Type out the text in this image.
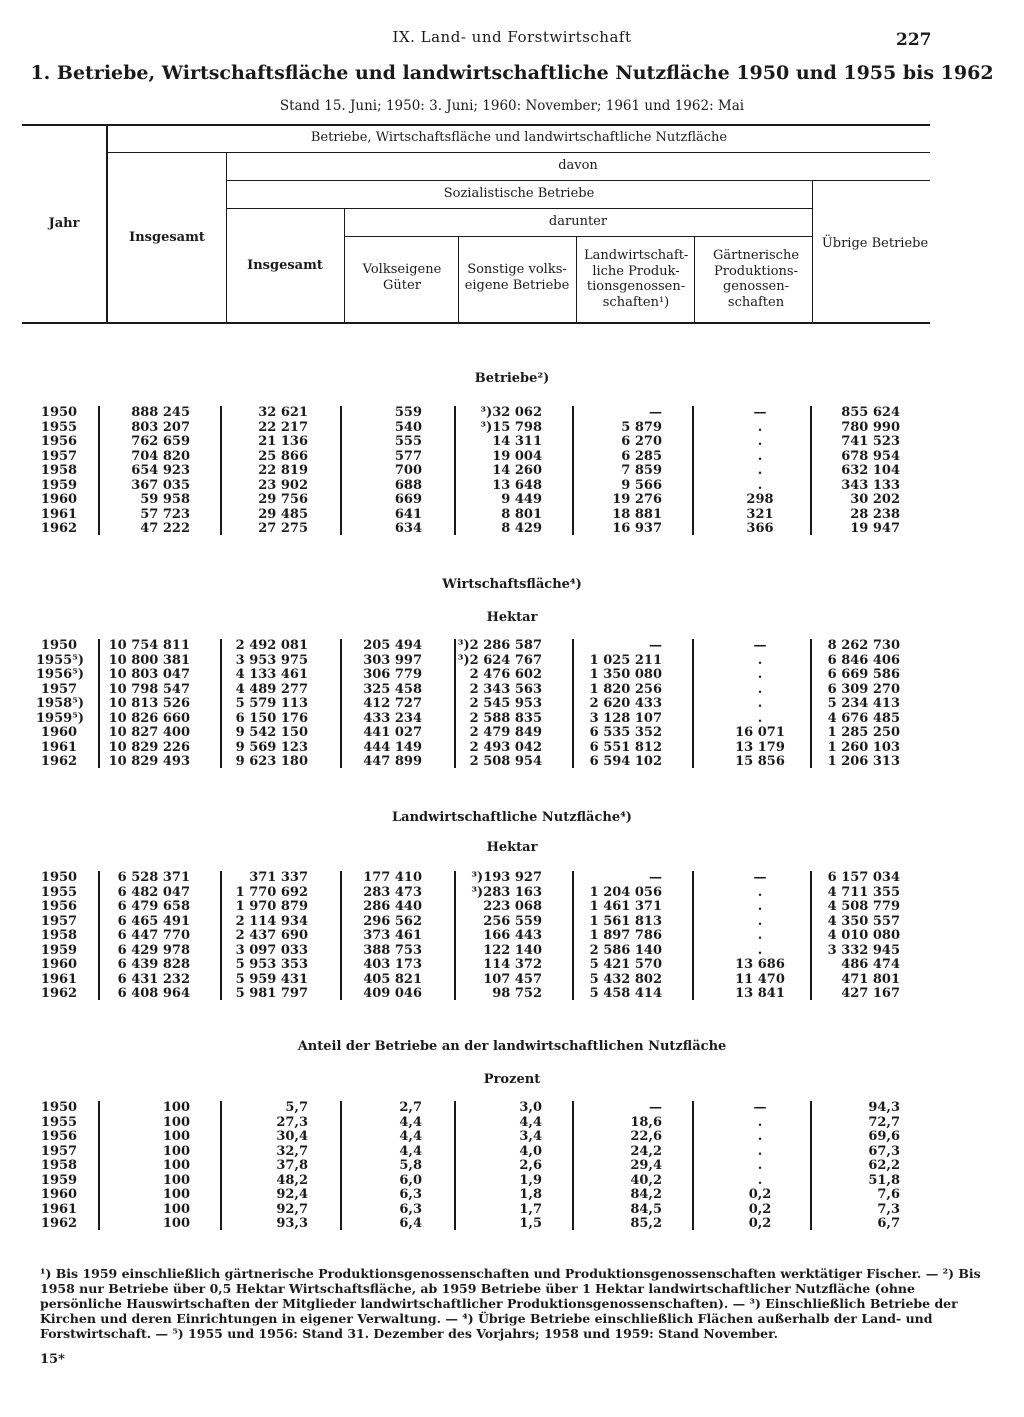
IX. Land- und Forstwirtschaft	227
1. Betriebe, Wirtschaftsfläche und landwirtschaftliche Nutzfläche 1950 und 1955 bis 1962
Stand 15. Juni; 1950: 3. Juni; 1960: November; 1961 und 1962: Mai
Jahr
Betriebe, Wirtschaftsfläche und landwirtschaftliche Nutzfläche
Insgesamt
davon
Sozialistische Betriebe
darunter
Insgesamt	Volkseigene Güter
Sonstige volks-eigene Betriebe
Landwirtschaft-liche Produk-tionsgenossen-schaften¹)
Gärtnerische Produktions-genossen-schaften
Übrige Betriebe
Betriebe²)
1950	888 245	32 621	559	³)32 062	—	—	855 624
1955	803 207	22 217	540	³)15 798	5 879	.	780 990
1956	762 659	21 136	555	14 311	6 270	.	741 523
1957	704 820	25 866	577	19 004	6 285	.	678 954
1958	654 923	22 819	700	14 260	7 859	.	632 104
1959	367 035	23 902	688	13 648	9 566	.	343 133
1960	59 958	29 756	669	9 449	19 276	298	30 202
1961	57 723	29 485	641	8 801	18 881	321	28 238
1962	47 222	27 275	634	8 429	16 937	366	19 947
Wirtschaftsfläche⁴)
Hektar
1950	10 754 811	2 492 081	205 494	³)2 286 587	—	—	8 262 730
1955⁵) 10 800 381	3 953 975	303 997	³)2 624 767	1 025 211	.	6 846 406
1956⁵) 10 803 047	4 133 461	306 779	2 476 602	1 350 080	.	6 669 586
1957	10 798 547	4 489 277	325 458	2 343 563	1 820 256	.	6 309 270
1958⁵) 10 813 526	5 579 113	412 727	2 545 953	2 620 433	.	5 234 413
1959⁵) 10 826 660	6 150 176	433 234	2 588 835	3 128 107	.	4 676 485
1960	10 827 400	9 542 150	441 027	2 479 849	6 535 352	16 071	1 285 250
1961	10 829 226	9 569 123	444 149	2 493 042	6 551 812	13 179	1 260 103
1962	10 829 493	9 623 180	447 899	2 508 954	6 594 102	15 856	1 206 313
Landwirtschaftliche Nutzfläche⁴)
Hektar
1950	6 528 371	371 337	177 410	³)193 927	—	—	6 157 034
1955	6 482 047	1 770 692	283 473	³)283 163	1 204 056	.	4 711 355
1956	6 479 658	1 970 879	286 440	223 068	1 461 371	.	4 508 779
1957	6 465 491	2 114 934	296 562	256 559	1 561 813	.	4 350 557
1958	6 447 770	2 437 690	373 461	166 443	1 897 786	.	4 010 080
1959	6 429 978	3 097 033	388 753	122 140	2 586 140	.	3 332 945
1960	6 439 828	5 953 353	403 173	114 372	5 421 570	13 686	486 474
1961	6 431 232	5 959 431	405 821	107 457	5 432 802	11 470	471 801
1962	6 408 964	5 981 797	409 046	98 752	5 458 414	13 841	427 167
Anteil der Betriebe an der landwirtschaftlichen Nutzfläche
Prozent
1950	100	5,7	2,7	3,0	—	—	94,3
1955	100	27,3	4,4	4,4	18,6	.	72,7
1956	100	30,4	4,4	3,4	22,6	.	69,6
1957	100	32,7	4,4	4,0	24,2	.	67,3
1958	100	37,8	5,8	2,6	29,4	.	62,2
1959	100	48,2	6,0	1,9	40,2	.	51,8
1960	100	92,4	6,3	1,8	84,2	0,2	7,6
1961	100	92,7	6,3	1,7	84,5	0,2	7,3
1962	100	93,3	6,4	1,5	85,2	0,2	6,7
¹) Bis 1959 einschließlich gärtnerische Produktionsgenossenschaften und Produktionsgenossenschaften werktätiger Fischer. — ²) Bis 1958 nur Betriebe über 0,5 Hektar Wirtschaftsfläche, ab 1959 Betriebe über 1 Hektar landwirtschaftlicher Nutzfläche (ohne persönliche Hauswirtschaften der Mitglieder landwirtschaftlicher Produktionsgenossenschaften). — ³) Einschließlich Betriebe der Kirchen und deren Einrichtungen in eigener Verwaltung. — ⁴) Übrige Betriebe einschließlich Flächen außerhalb der Land- und Forstwirtschaft. — ⁵) 1955 und 1956: Stand 31. Dezember des Vorjahrs; 1958 und 1959: Stand November.
15*
